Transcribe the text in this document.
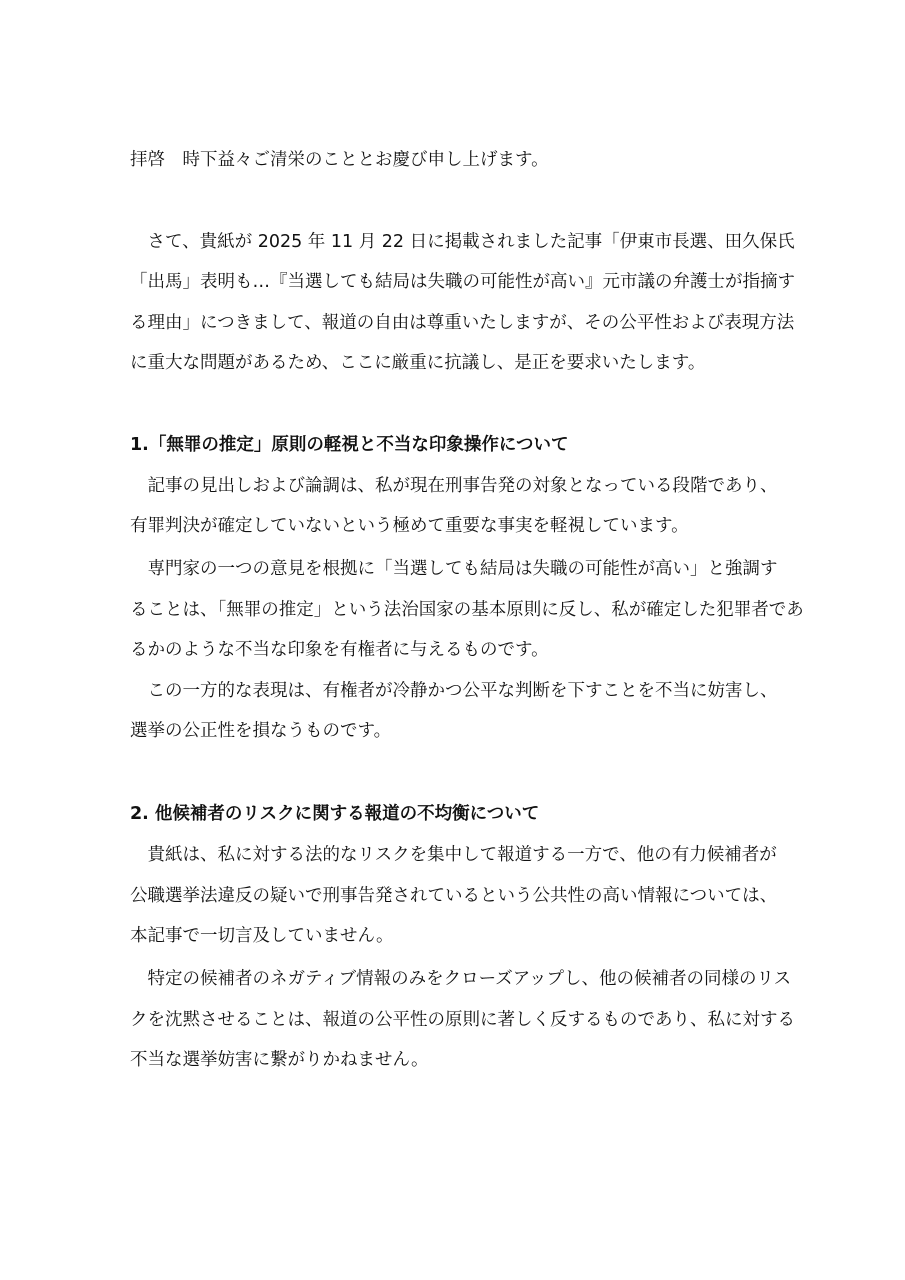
拝啓　時下益々ご清栄のこととお慶び申し上げます。
　さて、貴紙が 2025 年 11 月 22 日に掲載されました記事「伊東市長選、田久保氏
「出馬」表明も…『当選しても結局は失職の可能性が高い』元市議の弁護士が指摘す
る理由」につきまして、報道の自由は尊重いたしますが、その公平性および表現方法
に重大な問題があるため、ここに厳重に抗議し、是正を要求いたします。
1.「無罪の推定」原則の軽視と不当な印象操作について
　記事の見出しおよび論調は、私が現在刑事告発の対象となっている段階であり、
有罪判決が確定していないという極めて重要な事実を軽視しています。
　専門家の一つの意見を根拠に「当選しても結局は失職の可能性が高い」と強調す
ることは、「無罪の推定」という法治国家の基本原則に反し、私が確定した犯罪者であ
るかのような不当な印象を有権者に与えるものです。
　この一方的な表現は、有権者が冷静かつ公平な判断を下すことを不当に妨害し、
選挙の公正性を損なうものです。
2. 他候補者のリスクに関する報道の不均衡について
　貴紙は、私に対する法的なリスクを集中して報道する一方で、他の有力候補者が
公職選挙法違反の疑いで刑事告発されているという公共性の高い情報については、
本記事で一切言及していません。
　特定の候補者のネガティブ情報のみをクローズアップし、他の候補者の同様のリス
クを沈黙させることは、報道の公平性の原則に著しく反するものであり、私に対する
不当な選挙妨害に繋がりかねません。
